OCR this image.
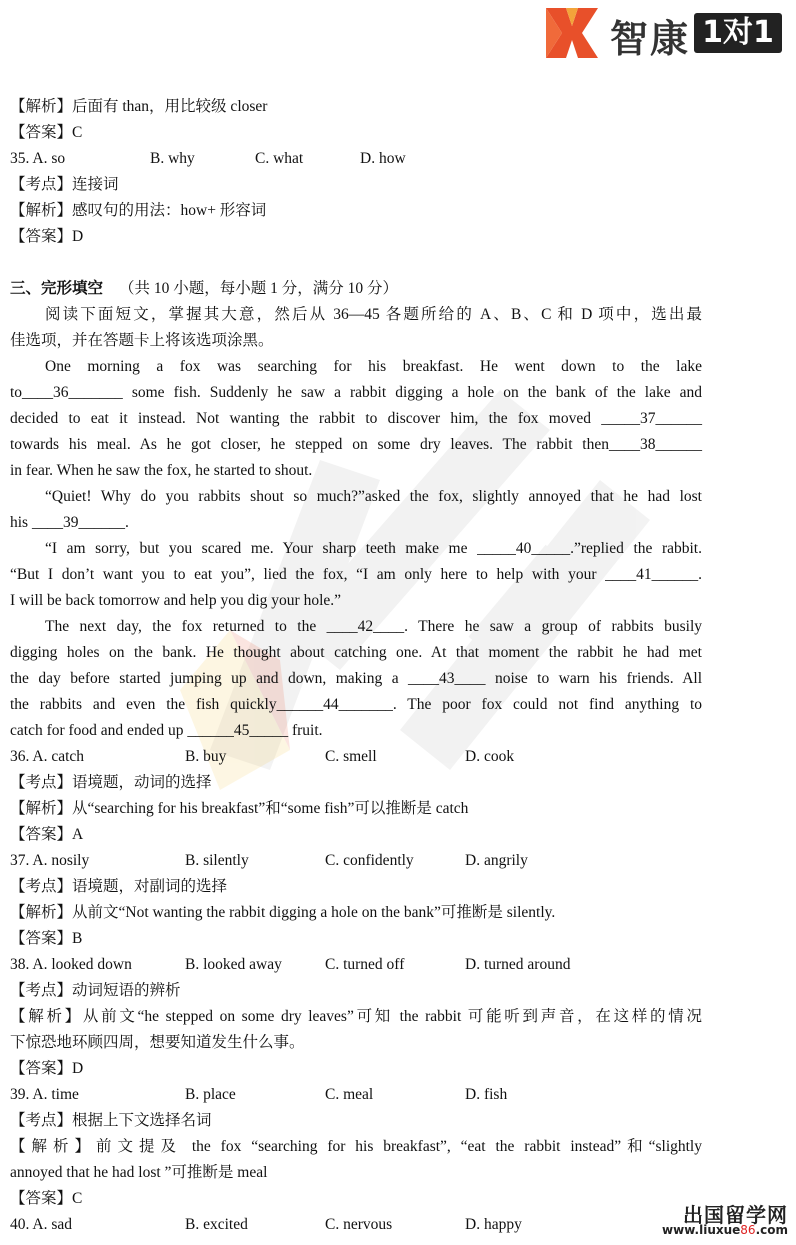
智康 1对1
【解析】后面有 than，用比较级 closer
【答案】C
35. A. so	B. why	C. what	D. how
【考点】连接词
【解析】感叹句的用法：how+ 形容词
【答案】D
三、完形填空 （共 10 小题，每小题 1 分，满分 10 分）
阅读下面短文，掌握其大意，然后从 36—45 各题所给的 A、B、C 和 D 项中，选出最
佳选项，并在答题卡上将该选项涂黑。
One morning a fox was searching for his breakfast. He went down to the lake
to____36_______ some fish. Suddenly he saw a rabbit digging a hole on the bank of the lake and
decided to eat it instead. Not wanting the rabbit to discover him, the fox moved _____37______
towards his meal. As he got closer, he stepped on some dry leaves. The rabbit then____38______
in fear. When he saw the fox, he started to shout.
“Quiet! Why do you rabbits shout so much?”asked the fox, slightly annoyed that he had lost
his ____39______.
“I am sorry, but you scared me. Your sharp teeth make me _____40_____.”replied the rabbit.
“But I don’t want you to eat you”, lied the fox, “I am only here to help with your ____41______.
I will be back tomorrow and help you dig your hole.”
The next day, the fox returned to the ____42____. There he saw a group of rabbits busily
digging holes on the bank. He thought about catching one. At that moment the rabbit he had met
the day before started jumping up and down, making a ____43____ noise to warn his friends. All
the rabbits and even the fish quickly______44_______. The poor fox could not find anything to
catch for food and ended up ______45_____ fruit.
36. A. catch	B. buy	C. smell	D. cook
【考点】语境题，动词的选择
【解析】从“searching for his breakfast”和“some fish”可以推断是 catch
【答案】A
37. A. nosily	B. silently	C. confidently	D. angrily
【考点】语境题，对副词的选择
【解析】从前文“Not wanting the rabbit digging a hole on the bank”可推断是 silently.
【答案】B
38. A. looked down	B. looked away	C. turned off	D. turned around
【考点】动词短语的辨析
【解析】从前文“he stepped on some dry leaves”可知 the rabbit 可能听到声音，在这样的情况
下惊恐地环顾四周，想要知道发生什么事。
【答案】D
39. A. time	B. place	C. meal	D. fish
【考点】根据上下文选择名词
【解析】前文提及 the fox “searching for his breakfast”, “eat the rabbit instead”和“slightly
annoyed that he had lost ”可推断是 meal
【答案】C
40. A. sad	B. excited	C. nervous	D. happy	出国留学网
www.liuxue86.com
